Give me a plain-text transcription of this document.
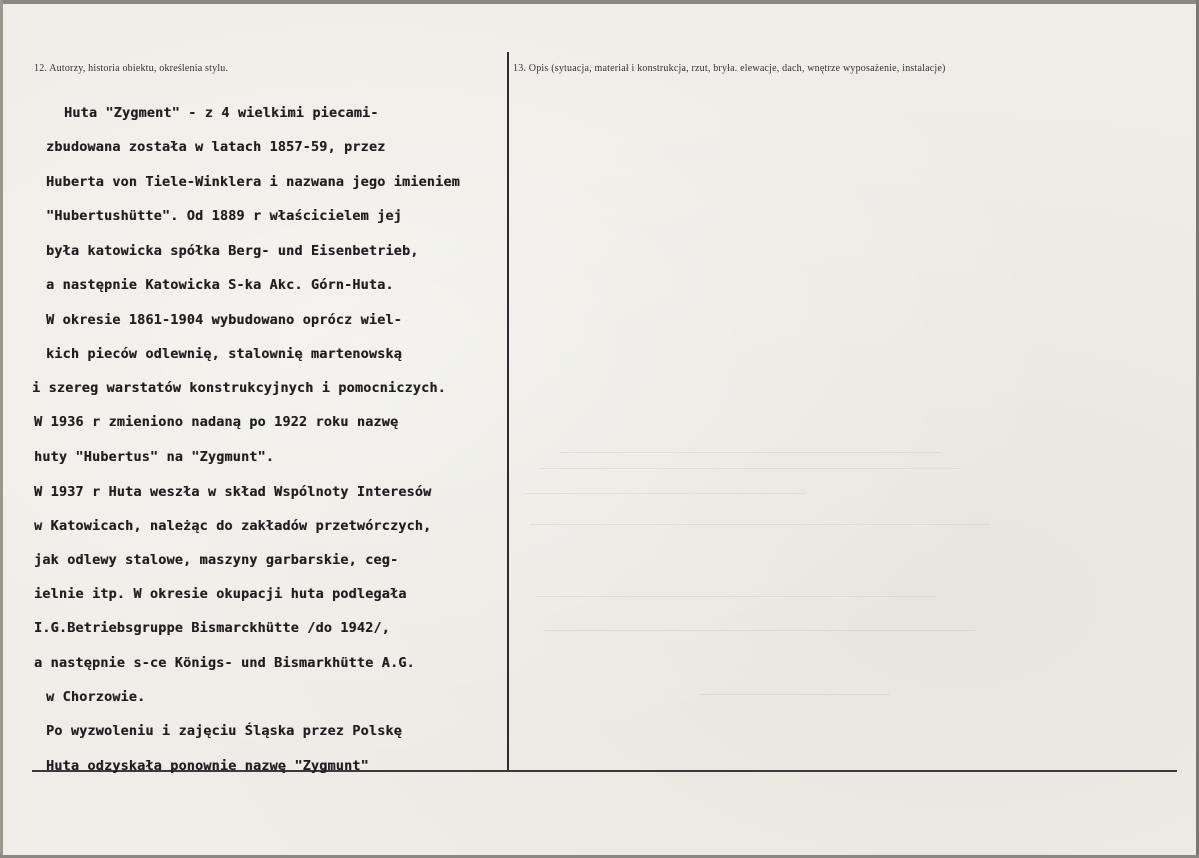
12. Autorzy, historia obiektu, określenia stylu.	13. Opis (sytuacja, materiał i konstrukcja, rzut, bryła. elewacje, dach, wnętrze wyposażenie, instalacje)
Huta "Zygment" - z 4 wielkimi piecami-
zbudowana została w latach 1857-59, przez
Huberta von Tiele-Winklera i nazwana jego imieniem
"Hubertushütte". Od 1889 r właścicielem jej
była katowicka spółka Berg- und Eisenbetrieb,
a następnie Katowicka S-ka Akc. Górn-Huta.
W okresie 1861-1904 wybudowano oprócz wiel-
kich pieców odlewnię, stalownię martenowską
i szereg warstatów konstrukcyjnych i pomocniczych.
W 1936 r zmieniono nadaną po 1922 roku nazwę
huty "Hubertus" na "Zygmunt".
W 1937 r Huta weszła w skład Wspólnoty Interesów
w Katowicach, należąc do zakładów przetwórczych,
jak odlewy stalowe, maszyny garbarskie, ceg-
ielnie itp. W okresie okupacji huta podlegała
I.G.Betriebsgruppe Bismarckhütte /do 1942/,
a następnie s-ce Königs- und Bismarkhütte A.G.
w Chorzowie.
Po wyzwoleniu i zajęciu Śląska przez Polskę
Huta odzyskała ponownie nazwę "Zygmunt"
